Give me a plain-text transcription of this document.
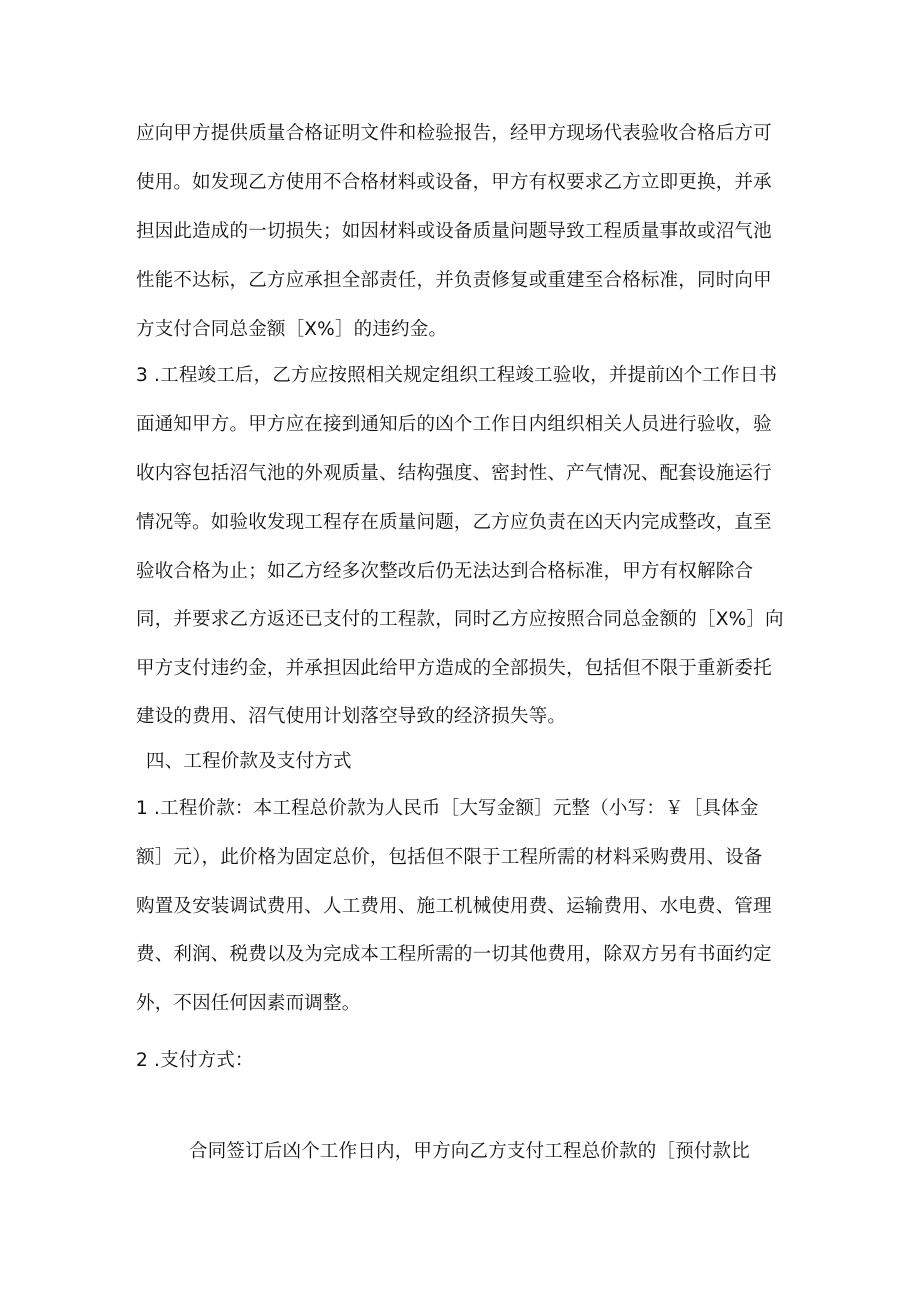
应向甲方提供质量合格证明文件和检验报告，经甲方现场代表验收合格后方可
使用。如发现乙方使用不合格材料或设备，甲方有权要求乙方立即更换，并承
担因此造成的一切损失；如因材料或设备质量问题导致工程质量事故或沼气池
性能不达标，乙方应承担全部责任，并负责修复或重建至合格标准，同时向甲
方支付合同总金额［X%］的违约金。
3 .工程竣工后，乙方应按照相关规定组织工程竣工验收，并提前凶个工作日书
面通知甲方。甲方应在接到通知后的凶个工作日内组织相关人员进行验收，验
收内容包括沼气池的外观质量、结构强度、密封性、产气情况、配套设施运行
情况等。如验收发现工程存在质量问题，乙方应负责在凶天内完成整改，直至
验收合格为止；如乙方经多次整改后仍无法达到合格标准，甲方有权解除合
同，并要求乙方返还已支付的工程款，同时乙方应按照合同总金额的［X%］向
甲方支付违约金，并承担因此给甲方造成的全部损失，包括但不限于重新委托
建设的费用、沼气使用计划落空导致的经济损失等。
四、工程价款及支付方式
1 .工程价款：本工程总价款为人民币［大写金额］元整（小写：￥［具体金
额］元），此价格为固定总价，包括但不限于工程所需的材料采购费用、设备
购置及安装调试费用、人工费用、施工机械使用费、运输费用、水电费、管理
费、利润、税费以及为完成本工程所需的一切其他费用，除双方另有书面约定
外，不因任何因素而调整。
2 .支付方式：
合同签订后凶个工作日内，甲方向乙方支付工程总价款的［预付款比
